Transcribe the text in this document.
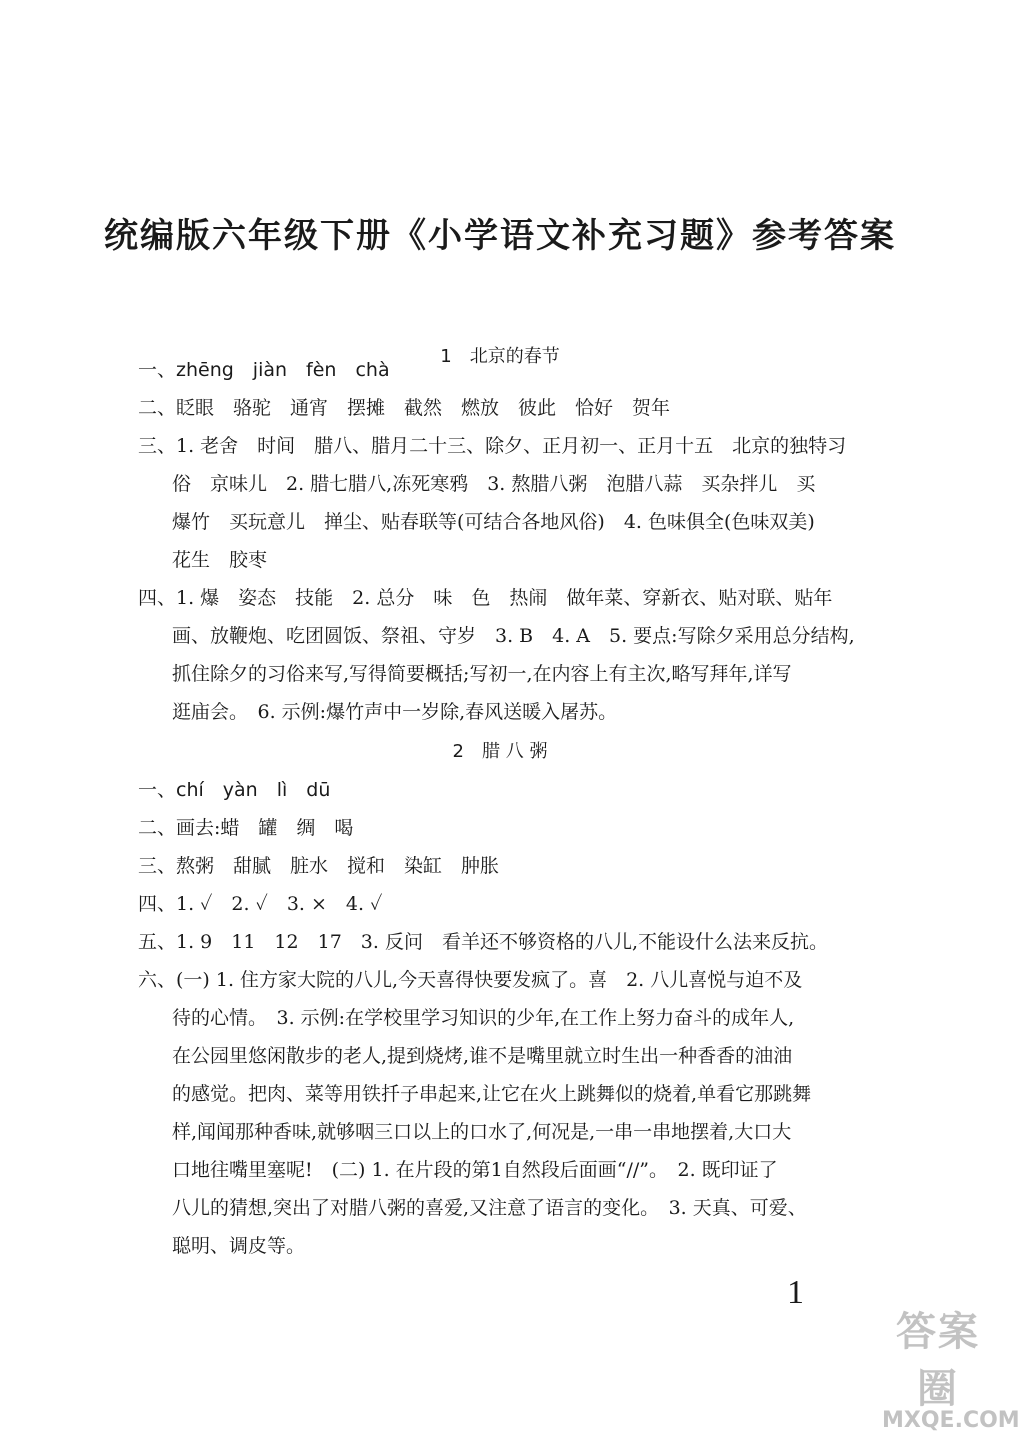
统编版六年级下册《小学语文补充习题》参考答案
1　北京的春节
一、zhēng　jiàn　fèn　chà
二、眨眼　骆驼　通宵　摆摊　截然　燃放　彼此　恰好　贺年
三、1. 老舍　时间　腊八、腊月二十三、除夕、正月初一、正月十五　北京的独特习
俗　京味儿　2. 腊七腊八,冻死寒鸦　3. 熬腊八粥　泡腊八蒜　买杂拌儿　买
爆竹　买玩意儿　掸尘、贴春联等(可结合各地风俗)　4. 色味俱全(色味双美)
花生　胶枣
四、1. 爆　姿态　技能　2. 总分　味　色　热闹　做年菜、穿新衣、贴对联、贴年
画、放鞭炮、吃团圆饭、祭祖、守岁　3. B　4. A　5. 要点:写除夕采用总分结构,
抓住除夕的习俗来写,写得简要概括;写初一,在内容上有主次,略写拜年,详写
逛庙会。　6. 示例:爆竹声中一岁除,春风送暖入屠苏。
2　腊 八 粥
一、chí　yàn　lì　dū
二、画去:蜡　罐　绸　喝
三、熬粥　甜腻　脏水　搅和　染缸　肿胀
四、1. ✓　2. ✓　3. ×　4. ✓
五、1. 9　11　12　17　3. 反问　看羊还不够资格的八儿,不能设什么法来反抗。
六、(一) 1. 住方家大院的八儿,今天喜得快要发疯了。喜　2. 八儿喜悦与迫不及
待的心情。　3. 示例:在学校里学习知识的少年,在工作上努力奋斗的成年人,
在公园里悠闲散步的老人,提到烧烤,谁不是嘴里就立时生出一种香香的油油
的感觉。把肉、菜等用铁扦子串起来,让它在火上跳舞似的烧着,单看它那跳舞
样,闻闻那种香味,就够咽三口以上的口水了,何况是,一串一串地摆着,大口大
口地往嘴里塞呢!　(二) 1. 在片段的第1自然段后面画“//”。　2. 既印证了
八儿的猜想,突出了对腊八粥的喜爱,又注意了语言的变化。　3. 天真、可爱、
聪明、调皮等。
1
答案圈
MXQE.COM
